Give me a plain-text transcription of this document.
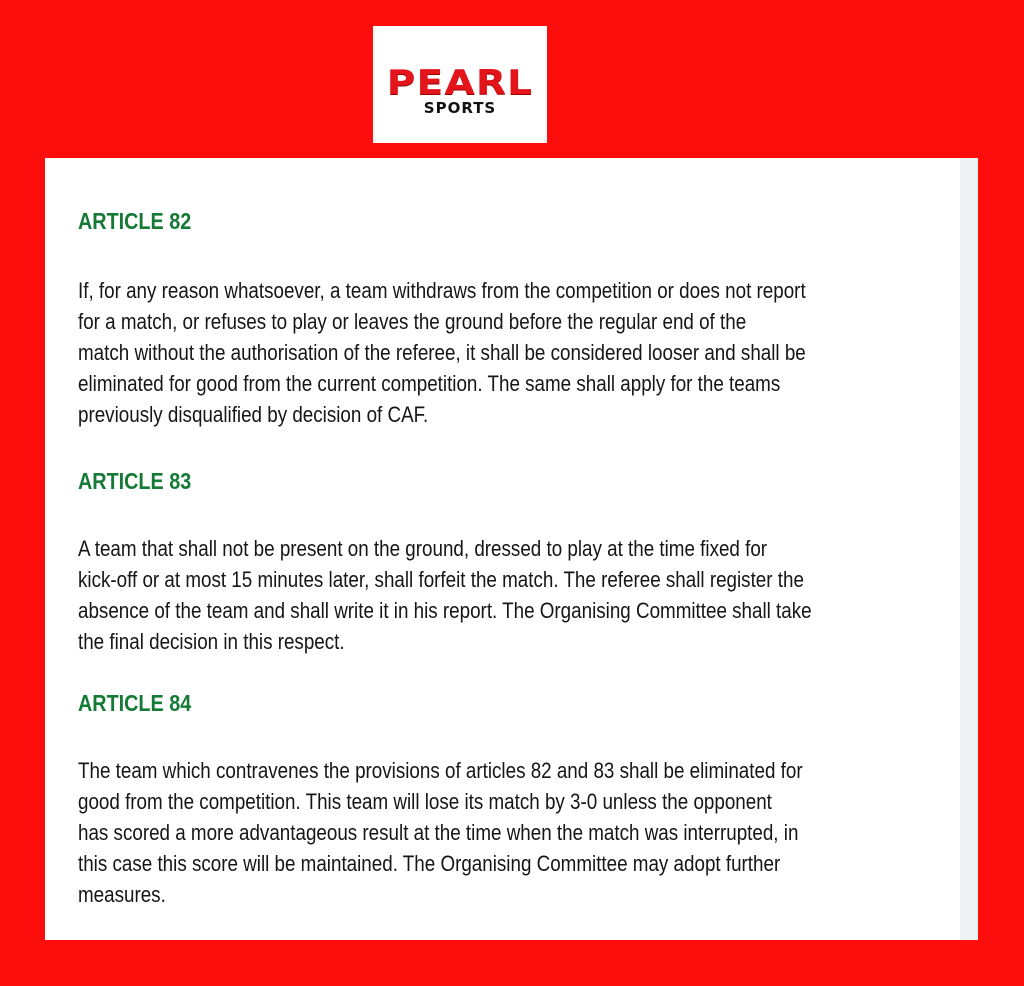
PEARL
SPORTS
ARTICLE 82
If, for any reason whatsoever, a team withdraws from the competition or does not report
for a match, or refuses to play or leaves the ground before the regular end of the
match without the authorisation of the referee, it shall be considered looser and shall be
eliminated for good from the current competition. The same shall apply for the teams
previously disqualified by decision of CAF.
ARTICLE 83
A team that shall not be present on the ground, dressed to play at the time fixed for
kick-off or at most 15 minutes later, shall forfeit the match. The referee shall register the
absence of the team and shall write it in his report. The Organising Committee shall take
the final decision in this respect.
ARTICLE 84
The team which contravenes the provisions of articles 82 and 83 shall be eliminated for
good from the competition. This team will lose its match by 3-0 unless the opponent
has scored a more advantageous result at the time when the match was interrupted, in
this case this score will be maintained. The Organising Committee may adopt further
measures.
